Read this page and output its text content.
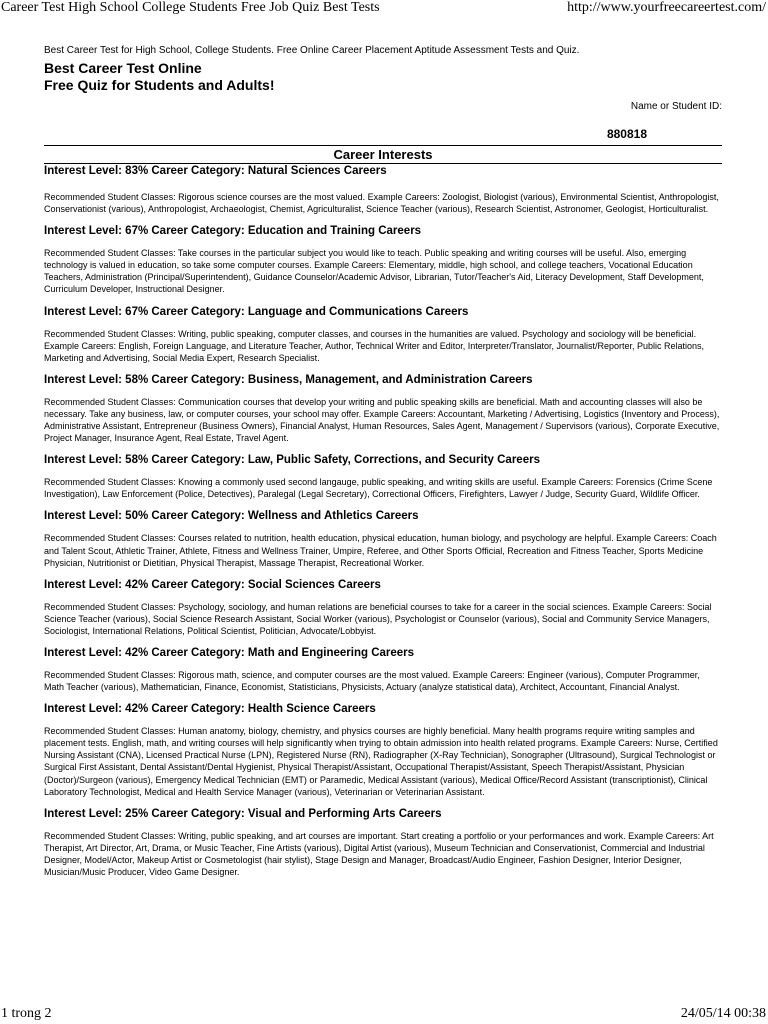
Career Test High School College Students Free Job Quiz Best Tests	http://www.yourfreecareertest.com/
Best Career Test for High School, College Students. Free Online Career Placement Aptitude Assessment Tests and Quiz.
Best Career Test Online
Free Quiz for Students and Adults!
Name or Student ID:
880818
Career Interests

Interest Level: 83% Career Category: Natural Sciences Careers

Recommended Student Classes: Rigorous science courses are the most valued. Example Careers: Zoologist, Biologist (various), Environmental Scientist, Anthropologist, Conservationist (various), Anthropologist, Archaeologist, Chemist, Agriculturalist, Science Teacher (various), Research Scientist, Astronomer, Geologist, Horticulturalist.

Interest Level: 67% Career Category: Education and Training Careers

Recommended Student Classes: Take courses in the particular subject you would like to teach. Public speaking and writing courses will be useful. Also, emerging technology is valued in education, so take some computer courses. Example Careers: Elementary, middle, high school, and college teachers, Vocational Education Teachers, Administration (Principal/Superintendent), Guidance Counselor/Academic Advisor, Librarian, Tutor/Teacher's Aid, Literacy Development, Staff Development, Curriculum Developer, Instructional Designer.

Interest Level: 67% Career Category: Language and Communications Careers

Recommended Student Classes: Writing, public speaking, computer classes, and courses in the humanities are valued. Psychology and sociology will be beneficial. Example Careers: English, Foreign Language, and Literature Teacher, Author, Technical Writer and Editor, Interpreter/Translator, Journalist/Reporter, Public Relations, Marketing and Advertising, Social Media Expert, Research Specialist.

Interest Level: 58% Career Category: Business, Management, and Administration Careers

Recommended Student Classes: Communication courses that develop your writing and public speaking skills are beneficial. Math and accounting classes will also be necessary. Take any business, law, or computer courses, your school may offer. Example Careers: Accountant, Marketing / Advertising, Logistics (Inventory and Process), Administrative Assistant, Entrepreneur (Business Owners), Financial Analyst, Human Resources, Sales Agent, Management / Supervisors (various), Corporate Executive, Project Manager, Insurance Agent, Real Estate, Travel Agent.

Interest Level: 58% Career Category: Law, Public Safety, Corrections, and Security Careers

Recommended Student Classes: Knowing a commonly used second langauge, public speaking, and writing skills are useful. Example Careers: Forensics (Crime Scene Investigation), Law Enforcement (Police, Detectives), Paralegal (Legal Secretary), Correctional Officers, Firefighters, Lawyer / Judge, Security Guard, Wildlife Officer.

Interest Level: 50% Career Category: Wellness and Athletics Careers

Recommended Student Classes: Courses related to nutrition, health education, physical education, human biology, and psychology are helpful. Example Careers: Coach and Talent Scout, Athletic Trainer, Athlete, Fitness and Wellness Trainer, Umpire, Referee, and Other Sports Official, Recreation and Fitness Teacher, Sports Medicine Physician, Nutritionist or Dietitian, Physical Therapist, Massage Therapist, Recreational Worker.

Interest Level: 42% Career Category: Social Sciences Careers

Recommended Student Classes: Psychology, sociology, and human relations are beneficial courses to take for a career in the social sciences. Example Careers: Social Science Teacher (various), Social Science Research Assistant, Social Worker (various), Psychologist or Counselor (various), Social and Community Service Managers, Sociologist, International Relations, Political Scientist, Politician, Advocate/Lobbyist.

Interest Level: 42% Career Category: Math and Engineering Careers

Recommended Student Classes: Rigorous math, science, and computer courses are the most valued. Example Careers: Engineer (various), Computer Programmer, Math Teacher (various), Mathematician, Finance, Economist, Statisticians, Physicists, Actuary (analyze statistical data), Architect, Accountant, Financial Analyst.

Interest Level: 42% Career Category: Health Science Careers

Recommended Student Classes: Human anatomy, biology, chemistry, and physics courses are highly beneficial. Many health programs require writing samples and placement tests. English, math, and writing courses will help significantly when trying to obtain admission into health related programs. Example Careers: Nurse, Certified Nursing Assistant (CNA), Licensed Practical Nurse (LPN), Registered Nurse (RN), Radiographer (X-Ray Technician), Sonographer (Ultrasound), Surgical Technologist or Surgical First Assistant, Dental Assistant/Dental Hygienist, Physical Therapist/Assistant, Occupational Therapist/Assistant, Speech Therapist/Assistant, Physician (Doctor)/Surgeon (various), Emergency Medical Technician (EMT) or Paramedic, Medical Assistant (various), Medical Office/Record Assistant (transcriptionist), Clinical Laboratory Technologist, Medical and Health Service Manager (various), Veterinarian or Veterinarian Assistant.

Interest Level: 25% Career Category: Visual and Performing Arts Careers

Recommended Student Classes: Writing, public speaking, and art courses are important. Start creating a portfolio or your performances and work. Example Careers: Art Therapist, Art Director, Art, Drama, or Music Teacher, Fine Artists (various), Digital Artist (various), Museum Technician and Conservationist, Commercial and Industrial Designer, Model/Actor, Makeup Artist or Cosmetologist (hair stylist), Stage Design and Manager, Broadcast/Audio Engineer, Fashion Designer, Interior Designer, Musician/Music Producer, Video Game Designer.

1 trong 2	24/05/14 00:38
